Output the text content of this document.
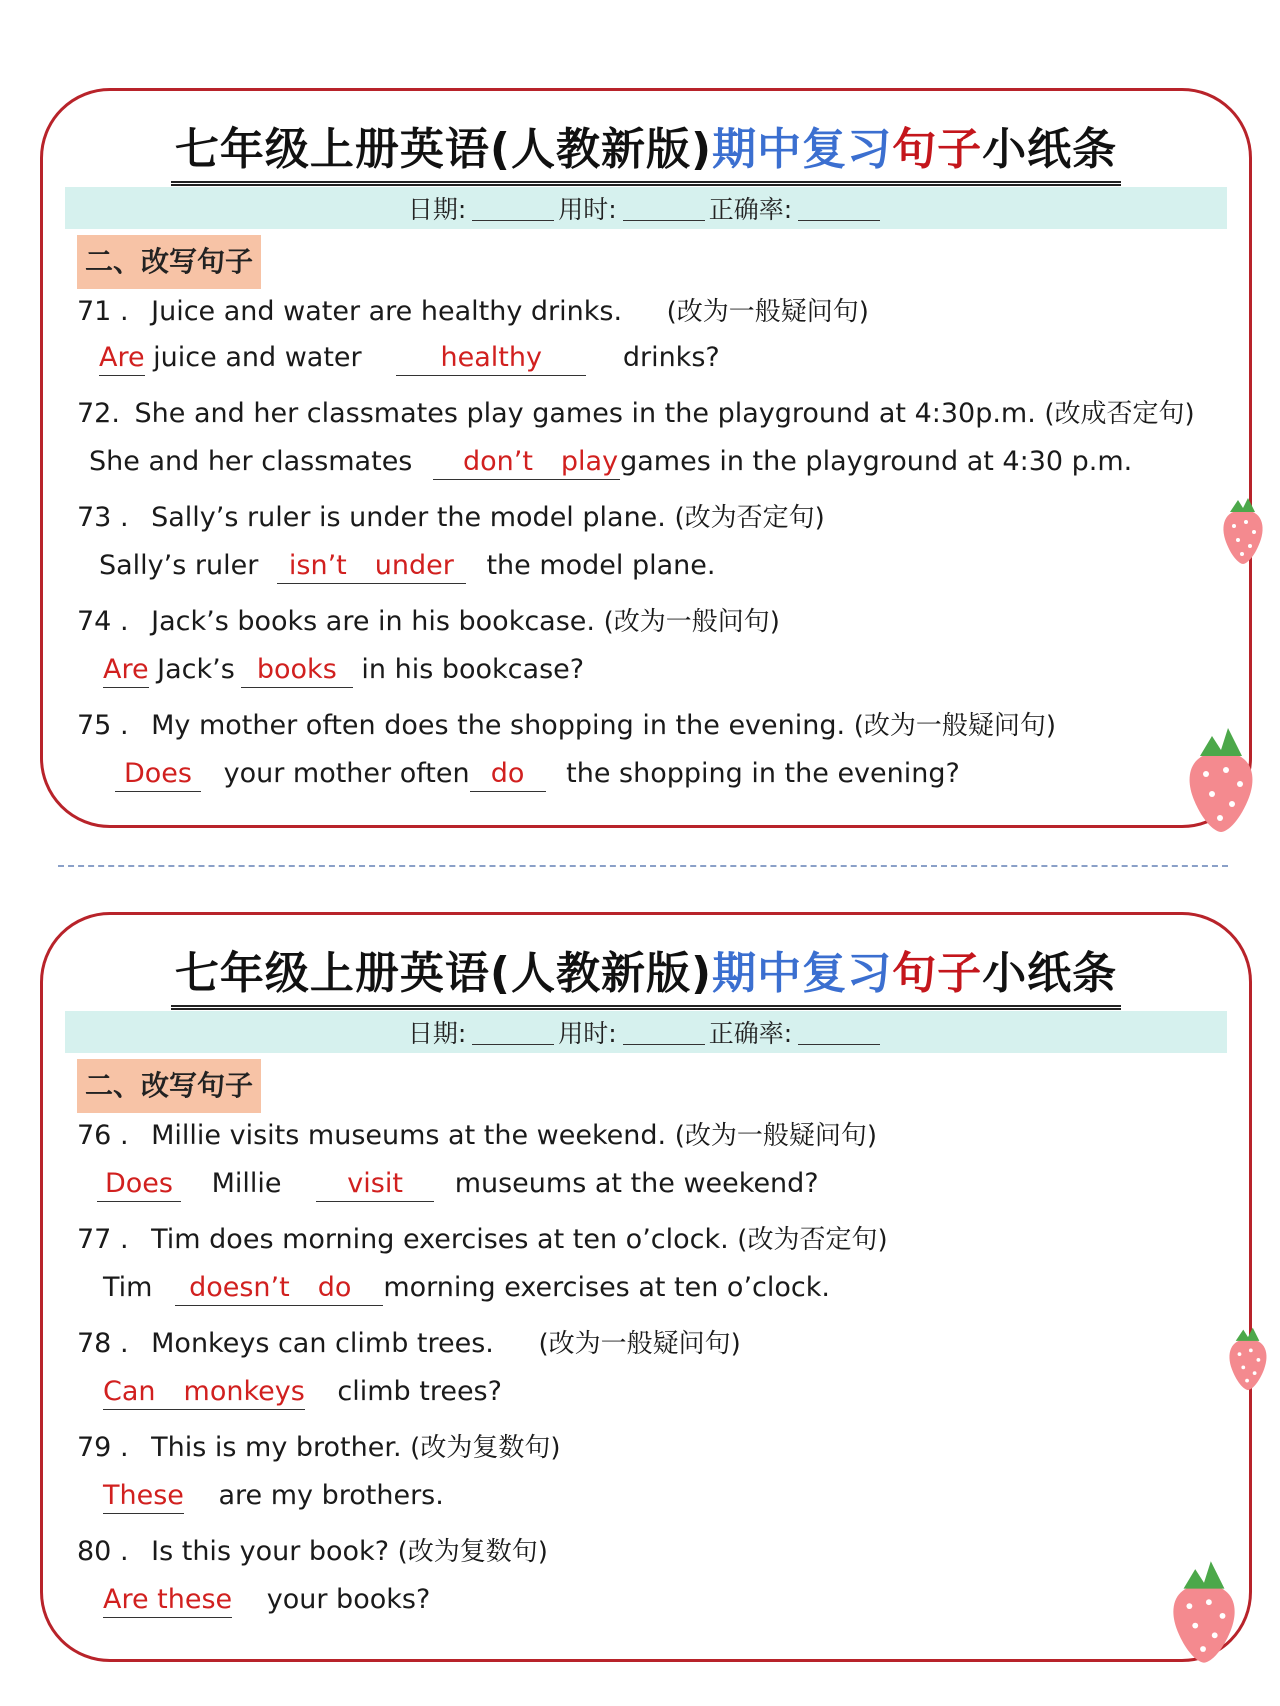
七年级上册英语(人教新版)期中复习句子小纸条
日期:	用时:	正确率:
二、改写句子
71 . Juice and water are healthy drinks. (改为一般疑问句)
Are juice and water	healthy	drinks?
72. She and her classmates play games in the playground at 4:30p.m. (改成否定句)
She and her classmates don’t playgames in the playground at 4:30 p.m.
73 . Sally’s ruler is under the model plane. (改为否定句)
Sally’s ruler isn’t under the model plane.
74 . Jack’s books are in his bookcase. (改为一般问句)
Are Jack’s books in his bookcase?
75 . My mother often does the shopping in the evening. (改为一般疑问句)
Does your mother often do the shopping in the evening?
七年级上册英语(人教新版)期中复习句子小纸条
日期:	用时:	正确率:
二、改写句子
76 . Millie visits museums at the weekend. (改为一般疑问句)
Does Millie visit museums at the weekend?
77 . Tim does morning exercises at ten o’clock. (改为否定句)
Tim doesn’t do morning exercises at ten o’clock.
78 . Monkeys can climb trees. (改为一般疑问句)
Can monkeys climb trees?
79 . This is my brother. (改为复数句)
These are my brothers.
80 . Is this your book? (改为复数句)
Are these your books?
